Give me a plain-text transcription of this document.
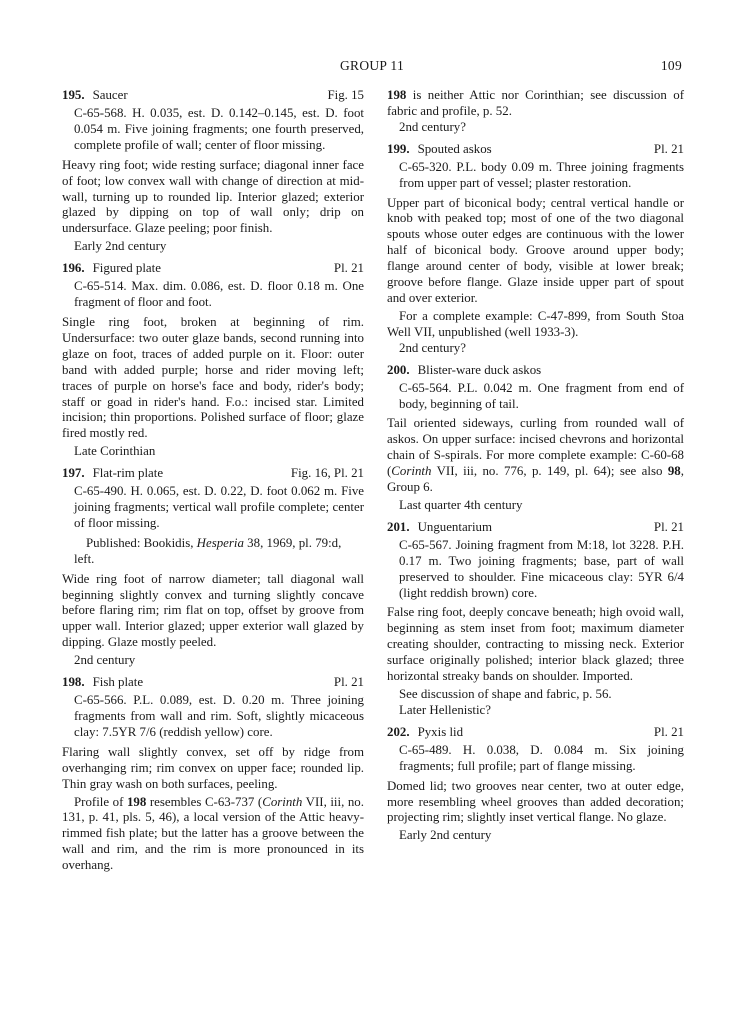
GROUP 11	109
195. Saucer	Fig. 15

C-65-568. H. 0.035, est. D. 0.142–0.145, est. D. foot 0.054 m. Five joining fragments; one fourth preserved, complete profile of wall; center of floor missing.

Heavy ring foot; wide resting surface; diagonal inner face of foot; low convex wall with change of direction at mid-wall, turning up to rounded lip. Interior glazed; exterior glazed by dipping on top of wall only; drip on undersurface. Glaze peeling; poor finish.

Early 2nd century

196. Figured plate	Pl. 21

C-65-514. Max. dim. 0.086, est. D. floor 0.18 m. One fragment of floor and foot.

Single ring foot, broken at beginning of rim. Undersurface: two outer glaze bands, second running into glaze on foot, traces of added purple on it. Floor: outer band with added purple; horse and rider moving left; traces of purple on horse's face and body, rider's body; staff or goad in rider's hand. F.o.: incised star. Limited incision; thin proportions. Polished surface of floor; glaze fired mostly red.

Late Corinthian

197. Flat-rim plate	Fig. 16, Pl. 21

C-65-490. H. 0.065, est. D. 0.22, D. foot 0.062 m. Five joining fragments; vertical wall profile complete; center of floor missing.

Published: Bookidis, Hesperia 38, 1969, pl. 79:d, left.

Wide ring foot of narrow diameter; tall diagonal wall beginning slightly convex and turning slightly concave before flaring rim; rim flat on top, offset by groove from upper wall. Interior glazed; upper exterior wall glazed by dipping. Glaze mostly peeled.

2nd century

198. Fish plate	Pl. 21

C-65-566. P.L. 0.089, est. D. 0.20 m. Three joining fragments from wall and rim. Soft, slightly micaceous clay: 7.5YR 7/6 (reddish yellow) core.

Flaring wall slightly convex, set off by ridge from overhanging rim; rim convex on upper face; rounded lip. Thin gray wash on both surfaces, peeling.

Profile of 198 resembles C-63-737 (Corinth VII, iii, no. 131, p. 41, pls. 5, 46), a local version of the Attic heavy-rimmed fish plate; but the latter has a groove between the wall and rim, and the rim is more pronounced in its overhang.

198 is neither Attic nor Corinthian; see discussion of fabric and profile, p. 52.

2nd century?

199. Spouted askos	Pl. 21

C-65-320. P.L. body 0.09 m. Three joining fragments from upper part of vessel; plaster restoration.

Upper part of biconical body; central vertical handle or knob with peaked top; most of one of the two diagonal spouts whose outer edges are continuous with the lower half of biconical body. Groove around upper body; flange around center of body, visible at lower break; groove before flange. Glaze inside upper part of spout and over exterior.

For a complete example: C-47-899, from South Stoa Well VII, unpublished (well 1933-3).

2nd century?

200. Blister-ware duck askos

C-65-564. P.L. 0.042 m. One fragment from end of body, beginning of tail.

Tail oriented sideways, curling from rounded wall of askos. On upper surface: incised chevrons and horizontal chain of S-spirals. For more complete example: C-60-68 (Corinth VII, iii, no. 776, p. 149, pl. 64); see also 98, Group 6.

Last quarter 4th century

201. Unguentarium	Pl. 21

C-65-567. Joining fragment from M:18, lot 3228. P.H. 0.17 m. Two joining fragments; base, part of wall preserved to shoulder. Fine micaceous clay: 5YR 6/4 (light reddish brown) core.

False ring foot, deeply concave beneath; high ovoid wall, beginning as stem inset from foot; maximum diameter creating shoulder, contracting to missing neck. Exterior surface originally polished; interior black glazed; three horizontal streaky bands on shoulder. Imported.

See discussion of shape and fabric, p. 56.

Later Hellenistic?

202. Pyxis lid	Pl. 21

C-65-489. H. 0.038, D. 0.084 m. Six joining fragments; full profile; part of flange missing.

Domed lid; two grooves near center, two at outer edge, more resembling wheel grooves than added decoration; projecting rim; slightly inset vertical flange. No glaze.

Early 2nd century
